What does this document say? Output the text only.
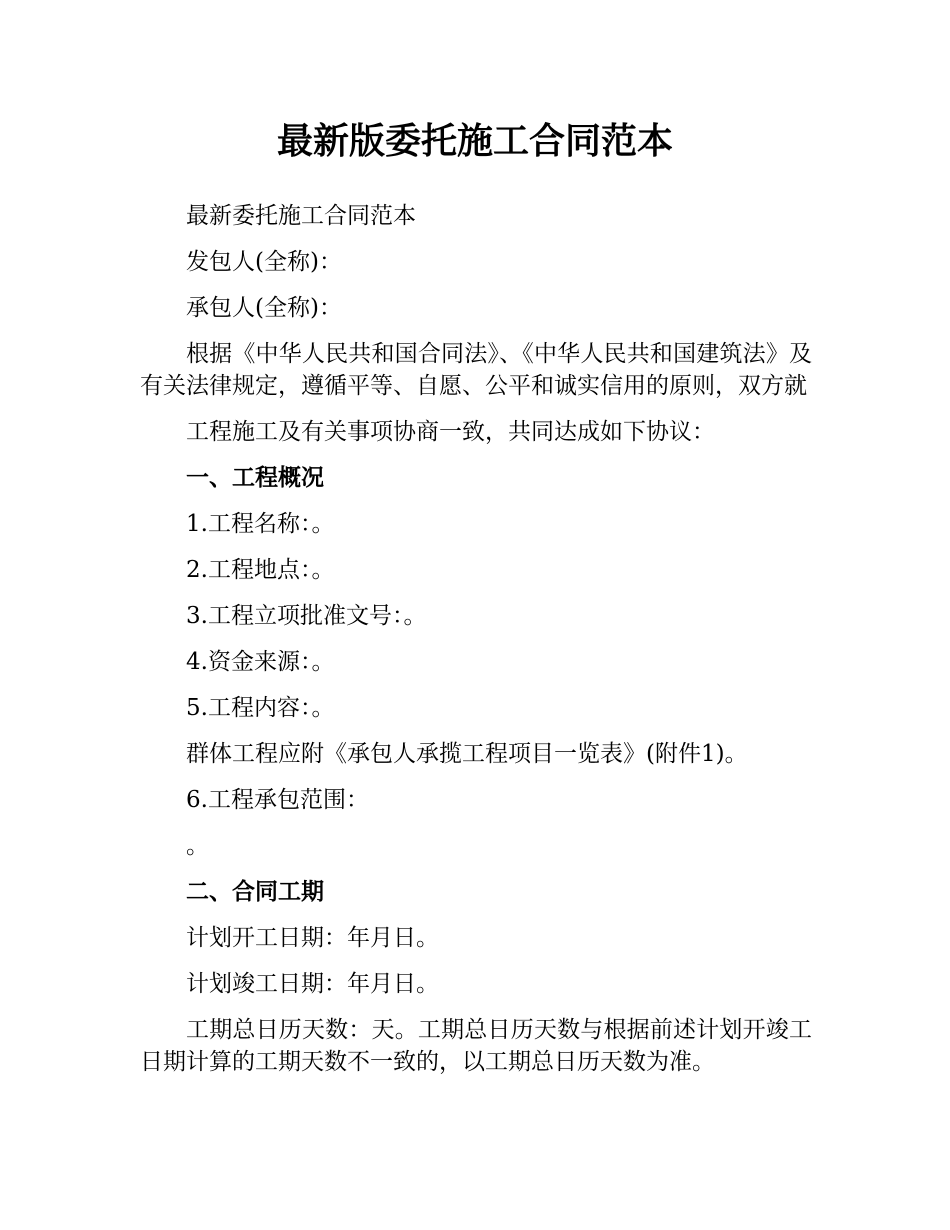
最新版委托施工合同范本

最新委托施工合同范本

发包人(全称)：

承包人(全称)：

根据《中华人民共和国合同法》、《中华人民共和国建筑法》及有关法律规定，遵循平等、自愿、公平和诚实信用的原则，双方就

工程施工及有关事项协商一致，共同达成如下协议：

一、工程概况

1.工程名称：。

2.工程地点：。

3.工程立项批准文号：。

4.资金来源：。

5.工程内容：。

群体工程应附《承包人承揽工程项目一览表》(附件1)。

6.工程承包范围：

。

二、合同工期

计划开工日期：年月日。

计划竣工日期：年月日。

工期总日历天数：天。工期总日历天数与根据前述计划开竣工日期计算的工期天数不一致的，以工期总日历天数为准。
